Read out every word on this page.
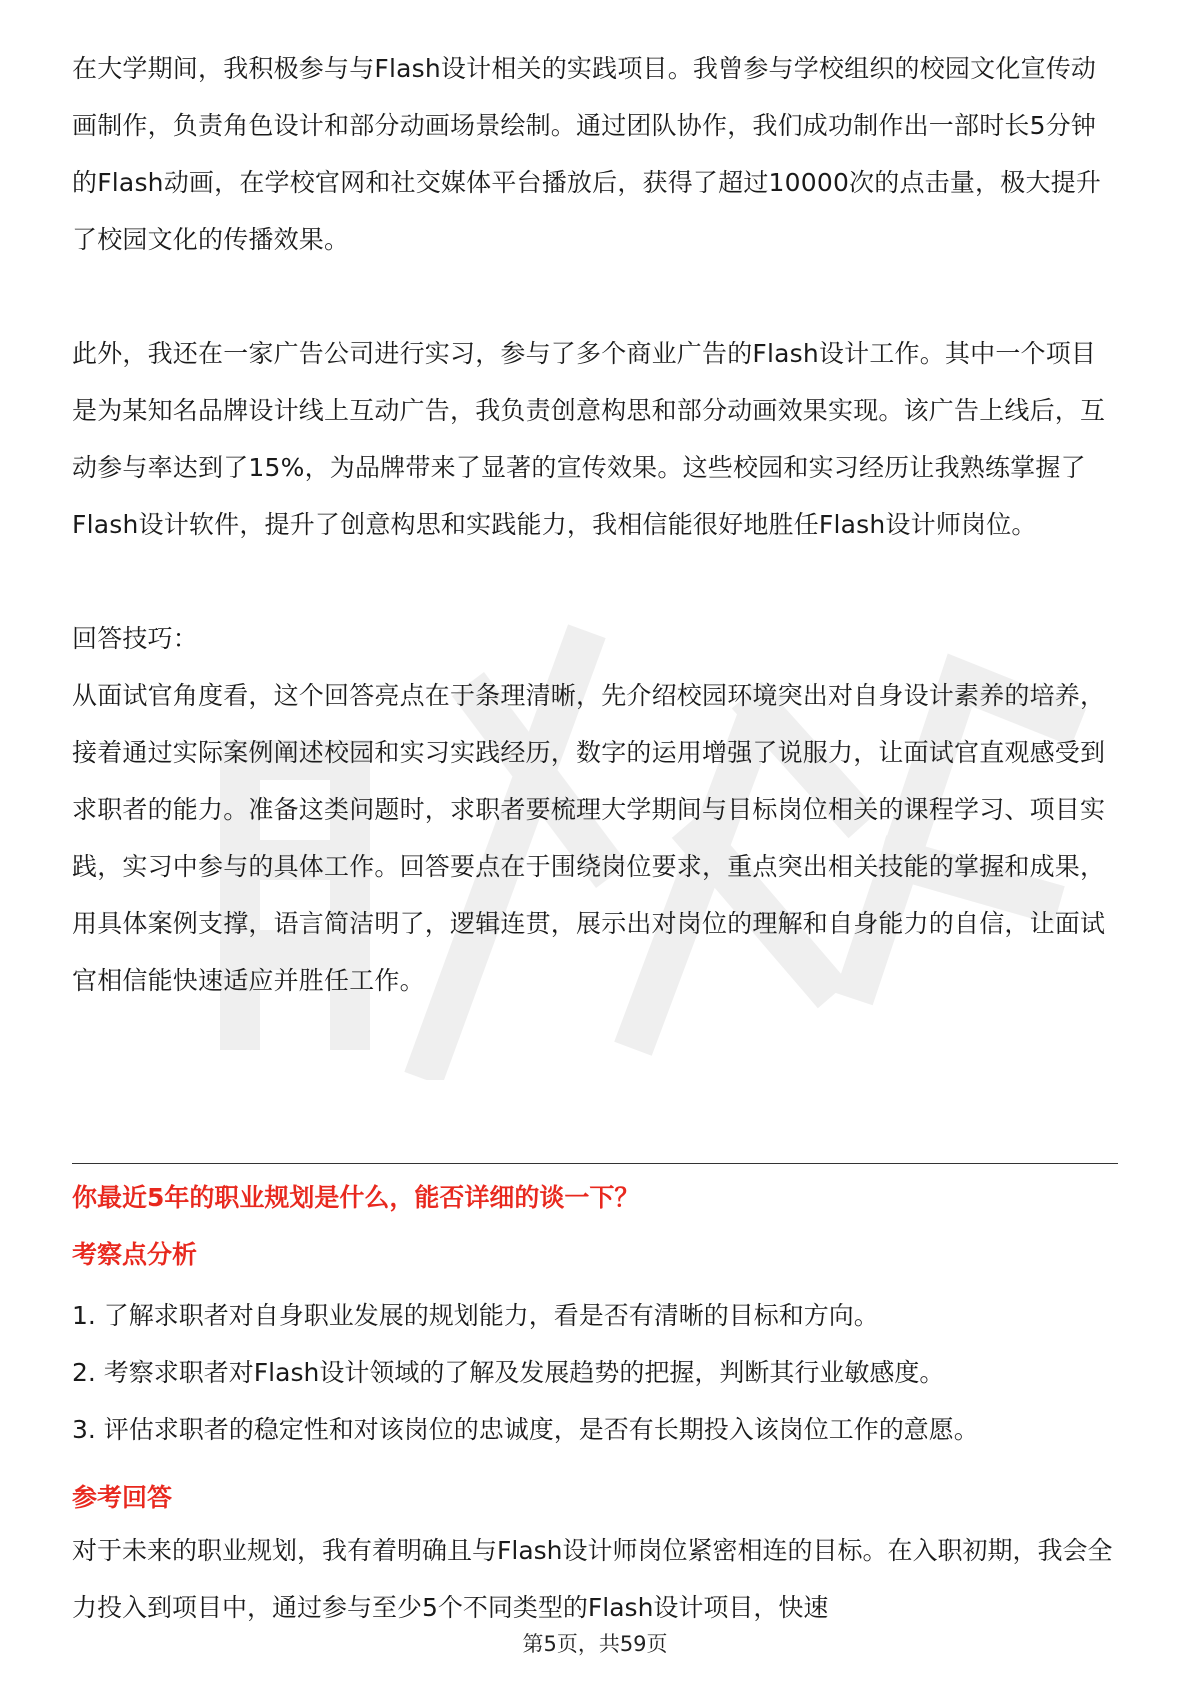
在大学期间，我积极参与与Flash设计相关的实践项目。我曾参与学校组织的校园文化宣传动画制作，负责角色设计和部分动画场景绘制。通过团队协作，我们成功制作出一部时长5分钟的Flash动画，在学校官网和社交媒体平台播放后，获得了超过10000次的点击量，极大提升了校园文化的传播效果。

此外，我还在一家广告公司进行实习，参与了多个商业广告的Flash设计工作。其中一个项目是为某知名品牌设计线上互动广告，我负责创意构思和部分动画效果实现。该广告上线后，互动参与率达到了15%，为品牌带来了显著的宣传效果。这些校园和实习经历让我熟练掌握了Flash设计软件，提升了创意构思和实践能力，我相信能很好地胜任Flash设计师岗位。

回答技巧：

从面试官角度看，这个回答亮点在于条理清晰，先介绍校园环境突出对自身设计素养的培养，接着通过实际案例阐述校园和实习实践经历，数字的运用增强了说服力，让面试官直观感受到求职者的能力。准备这类问题时，求职者要梳理大学期间与目标岗位相关的课程学习、项目实践，实习中参与的具体工作。回答要点在于围绕岗位要求，重点突出相关技能的掌握和成果，用具体案例支撑，语言简洁明了，逻辑连贯，展示出对岗位的理解和自身能力的自信，让面试官相信能快速适应并胜任工作。

你最近5年的职业规划是什么，能否详细的谈一下？
考察点分析

1. 了解求职者对自身职业发展的规划能力，看是否有清晰的目标和方向。

2. 考察求职者对Flash设计领域的了解及发展趋势的把握，判断其行业敏感度。

3. 评估求职者的稳定性和对该岗位的忠诚度，是否有长期投入该岗位工作的意愿。

参考回答

对于未来的职业规划，我有着明确且与Flash设计师岗位紧密相连的目标。在入职初期，我会全力投入到项目中，通过参与至少5个不同类型的Flash设计项目，快速

第5页，共59页
